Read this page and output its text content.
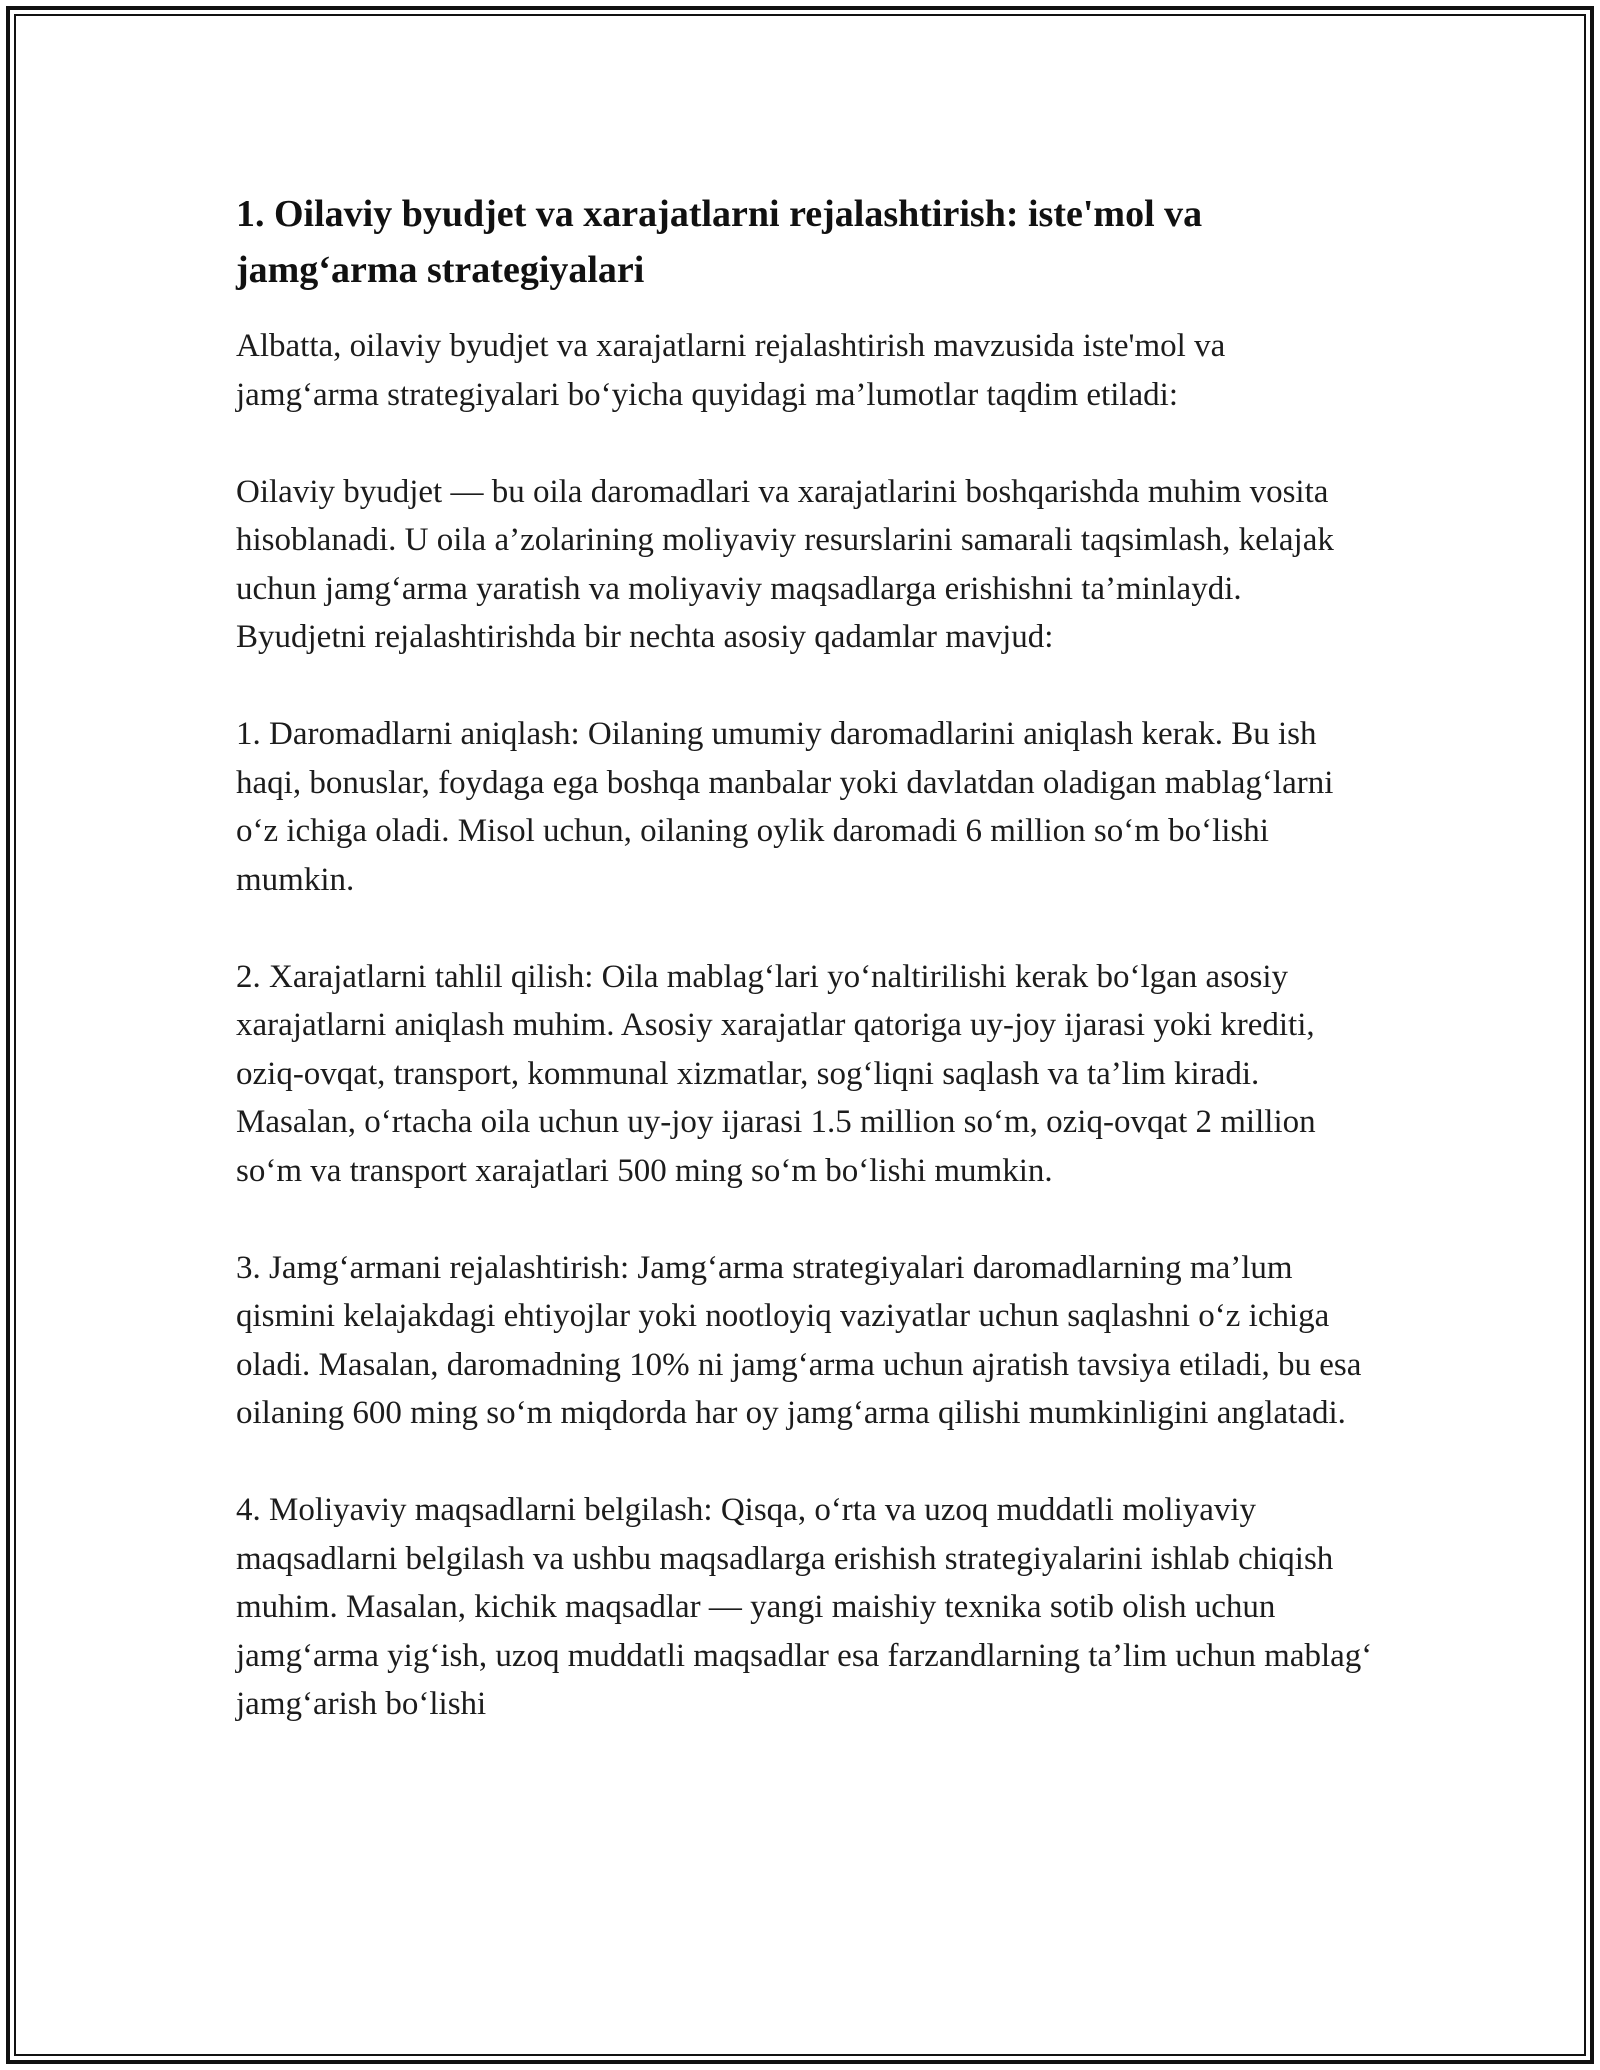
1. Oilaviy byudjet va xarajatlarni rejalashtirish: iste'mol va jamg‘arma strategiyalari

Albatta, oilaviy byudjet va xarajatlarni rejalashtirish mavzusida iste'mol va jamg‘arma strategiyalari bo‘yicha quyidagi ma’lumotlar taqdim etiladi:

Oilaviy byudjet — bu oila daromadlari va xarajatlarini boshqarishda muhim vosita hisoblanadi. U oila a’zolarining moliyaviy resurslarini samarali taqsimlash, kelajak uchun jamg‘arma yaratish va moliyaviy maqsadlarga erishishni ta’minlaydi. Byudjetni rejalashtirishda bir nechta asosiy qadamlar mavjud:

1. Daromadlarni aniqlash: Oilaning umumiy daromadlarini aniqlash kerak. Bu ish haqi, bonuslar, foydaga ega boshqa manbalar yoki davlatdan oladigan mablag‘larni o‘z ichiga oladi. Misol uchun, oilaning oylik daromadi 6 million so‘m bo‘lishi mumkin.

2. Xarajatlarni tahlil qilish: Oila mablag‘lari yo‘naltirilishi kerak bo‘lgan asosiy xarajatlarni aniqlash muhim. Asosiy xarajatlar qatoriga uy-joy ijarasi yoki krediti, oziq-ovqat, transport, kommunal xizmatlar, sog‘liqni saqlash va ta’lim kiradi. Masalan, o‘rtacha oila uchun uy-joy ijarasi 1.5 million so‘m, oziq-ovqat 2 million so‘m va transport xarajatlari 500 ming so‘m bo‘lishi mumkin.

3. Jamg‘armani rejalashtirish: Jamg‘arma strategiyalari daromadlarning ma’lum qismini kelajakdagi ehtiyojlar yoki nootloyiq vaziyatlar uchun saqlashni o‘z ichiga oladi. Masalan, daromadning 10% ni jamg‘arma uchun ajratish tavsiya etiladi, bu esa oilaning 600 ming so‘m miqdorda har oy jamg‘arma qilishi mumkinligini anglatadi.

4. Moliyaviy maqsadlarni belgilash: Qisqa, o‘rta va uzoq muddatli moliyaviy maqsadlarni belgilash va ushbu maqsadlarga erishish strategiyalarini ishlab chiqish muhim. Masalan, kichik maqsadlar — yangi maishiy texnika sotib olish uchun jamg‘arma yig‘ish, uzoq muddatli maqsadlar esa farzandlarning ta’lim uchun mablag‘ jamg‘arish bo‘lishi
